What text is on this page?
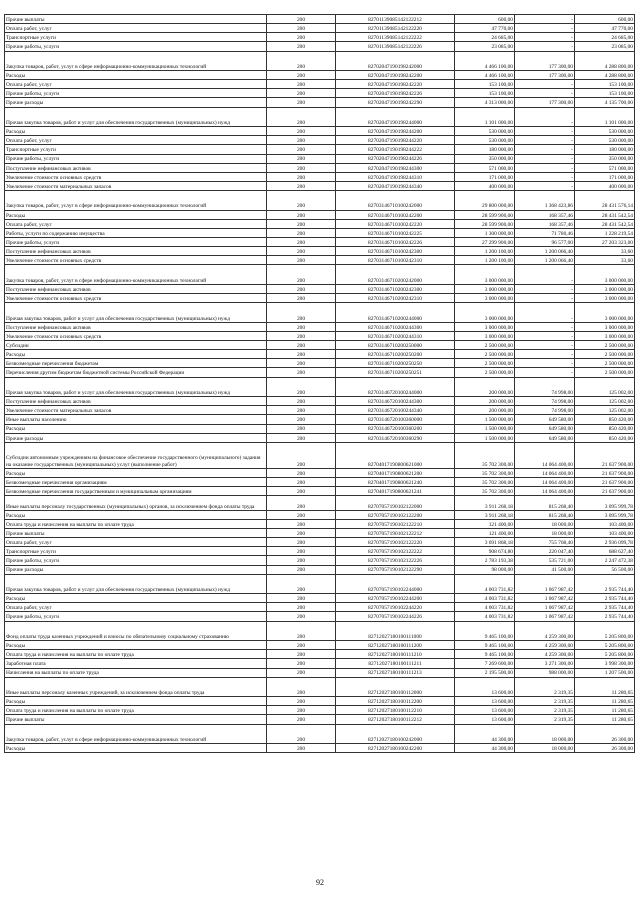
Прочие выплаты	200	82701139085142122212	600,00	-	600,00
Оплата работ, услуг	200	82701139085142122220	47 770,00	-	47 770,00
Транспортные услуги	200	82701139085142122222	24 685,00	-	24 685,00
Прочие работы, услуги	200	82701139085142122226	23 085,00	-	23 085,00
Закупка товаров, работ, услуг в сфере информационно-коммуникационных технологий	200	82702047190198242000	4 466 100,00	177 300,00	4 288 800,00
Расходы	200	82702047190198242200	4 466 100,00	177 300,00	4 288 800,00
Оплата работ, услуг	200	82702047190198242220	153 100,00	-	153 100,00
Прочие работы, услуги	200	82702047190198242226	153 100,00	-	153 100,00
Прочие расходы	200	82702047190198242290	4 313 000,00	177 300,00	4 135 700,00
Прочая закупка товаров, работ и услуг для обеспечения государственных (муниципальных) нужд	200	82702047190198244000	1 101 000,00	-	1 101 000,00
Расходы	200	82702047190198244200	530 000,00	-	530 000,00
Оплата работ, услуг	200	82702047190198244220	530 000,00	-	530 000,00
Транспортные услуги	200	82702047190198244222	180 000,00	-	180 000,00
Прочие работы, услуги	200	82702047190198244226	350 000,00	-	350 000,00
Поступление нефинансовых активов	200	82702047190198244300	571 000,00	-	571 000,00
Увеличение стоимости основных средств	200	82702047190198244310	171 000,00	-	171 000,00
Увеличение стоимости материальных запасов	200	82702047190198244340	400 000,00	-	400 000,00
Закупка товаров, работ, услуг в сфере информационно-коммуникационных технологий	200	82703146710100242000	29 800 000,00	1 368 423,86	28 431 576,14
Расходы	200	82703146710100242200	28 599 900,00	168 357,46	28 431 542,54
Оплата работ, услуг	200	82703146710100242220	28 599 900,00	168 357,46	28 431 542,54
Работы, услуги по содержанию имущества	200	82703146710100242225	1 300 000,00	71 780,46	1 228 219,54
Прочие работы, услуги	200	82703146710100242226	27 299 900,00	96 577,00	27 203 323,00
Поступление нефинансовых активов	200	82703146710100242300	1 200 100,00	1 200 066,40	33,60
Увеличение стоимости основных средств	200	82703146710100242310	1 200 100,00	1 200 066,40	33,60
Закупка товаров, работ, услуг в сфере информационно-коммуникационных технологий	200	82703146710200242000	3 000 000,00	-	3 000 000,00
Поступление нефинансовых активов	200	82703146710200242300	3 000 000,00	-	3 000 000,00
Увеличение стоимости основных средств	200	82703146710200242310	3 000 000,00	-	3 000 000,00
Прочая закупка товаров, работ и услуг для обеспечения государственных (муниципальных) нужд	200	82703146710200244000	3 000 000,00	-	3 000 000,00
Поступление нефинансовых активов	200	82703146710200244300	3 000 000,00	-	3 000 000,00
Увеличение стоимости основных средств	200	82703146710200244310	3 000 000,00	-	3 000 000,00
Субсидии	200	82703146710200250000	2 500 000,00	-	2 500 000,00
Расходы	200	82703146710200250200	2 500 000,00	-	2 500 000,00
Безвозмездные перечисления бюджетам	200	82703146710200250250	2 500 000,00	-	2 500 000,00
Перечисления другим бюджетам бюджетной системы Российской Федерации	200	82703146710200250251	2 500 000,00	-	2 500 000,00
Прочая закупка товаров, работ и услуг для обеспечения государственных (муниципальных) нужд	200	82703146720100244000	200 000,00	74 998,00	125 002,00
Поступление нефинансовых активов	200	82703146720100244300	200 000,00	74 998,00	125 002,00
Увеличение стоимости материальных запасов	200	82703146720100244340	200 000,00	74 998,00	125 002,00
Иные выплаты населению	200	82703146720100360000	1 500 000,00	649 580,00	850 420,00
Расходы	200	82703146720100360200	1 500 000,00	649 580,00	850 420,00
Прочие расходы	200	82703146720100360290	1 500 000,00	649 580,00	850 420,00
Субсидии автономным учреждениям на финансовое обеспечение государственного (муниципального) задания на оказание государственных (муниципальных) услуг (выполнение работ)	200	82704017190800621000	35 702 300,00	14 064 400,00	21 637 900,00
Расходы	200	82704017190800621200	35 702 300,00	14 064 400,00	21 637 900,00
Безвозмездные перечисления организациям	200	82704017190800621240	35 702 300,00	14 064 400,00	21 637 900,00
Безвозмездные перечисления государственным и муниципальным организациям	200	82704017190800621241	35 702 300,00	14 064 400,00	21 637 900,00
Иные выплаты персоналу государственных (муниципальных) органов, за исключением фонда оплаты труда	200	82707057190102122000	3 911 268,18	815 268,40	3 095 999,78
Расходы	200	82707057190102122200	3 911 268,18	815 268,40	3 095 999,78
Оплата труда и начисления на выплаты по оплате труда	200	82707057190102122210	121 400,00	18 000,00	103 400,00
Прочие выплаты	200	82707057190102122212	121 400,00	18 000,00	103 400,00
Оплата работ, услуг	200	82707057190102122220	3 691 868,18	755 768,40	2 936 099,78
Транспортные услуги	200	82707057190102122222	908 674,80	220 047,40	688 627,40
Прочие работы, услуги	200	82707057190102122226	2 783 193,38	535 721,00	2 247 472,38
Прочие расходы	200	82707057190102122290	98 000,00	41 500,00	56 500,00
Прочая закупка товаров, работ и услуг для обеспечения государственных (муниципальных) нужд	200	82707057190102244000	4 003 731,82	1 067 987,42	2 935 744,40
Расходы	200	82707057190102244200	4 003 731,82	1 067 987,42	2 935 744,40
Оплата работ, услуг	200	82707057190102244220	4 003 731,82	1 067 987,42	2 935 744,40
Прочие работы, услуги	200	82707057190102244226	4 003 731,82	1 067 987,42	2 935 744,40
Фонд оплаты труда казенных учреждений и взносы по обязательному социальному страхованию	200	82712027180100111000	9 465 100,00	4 259 300,00	5 205 800,00
Расходы	200	82712027180100111200	9 465 100,00	4 259 300,00	5 205 800,00
Оплата труда и начисления на выплаты по оплате труда	200	82712027180100111210	9 465 100,00	4 259 300,00	5 205 800,00
Заработная плата	200	82712027180100111211	7 269 600,00	3 271 300,00	3 998 300,00
Начисления на выплаты по оплате труда	200	82712027180100111213	2 195 500,00	988 000,00	1 207 500,00
Иные выплаты персоналу казенных учреждений, за исключением фонда оплаты труда	200	82712027180100112000	13 600,00	2 319,35	11 280,65
Расходы	200	82712027180100112200	13 600,00	2 319,35	11 280,65
Оплата труда и начисления на выплаты по оплате труда	200	82712027180100112210	13 600,00	2 319,35	11 280,65
Прочие выплаты	200	82712027180100112212	13 600,00	2 319,35	11 280,65
Закупка товаров, работ, услуг в сфере информационно-коммуникационных технологий	200	82712027180100242000	44 300,00	18 000,00	26 300,00
Расходы	200	82712027180100242200	44 300,00	18 000,00	26 300,00
92
